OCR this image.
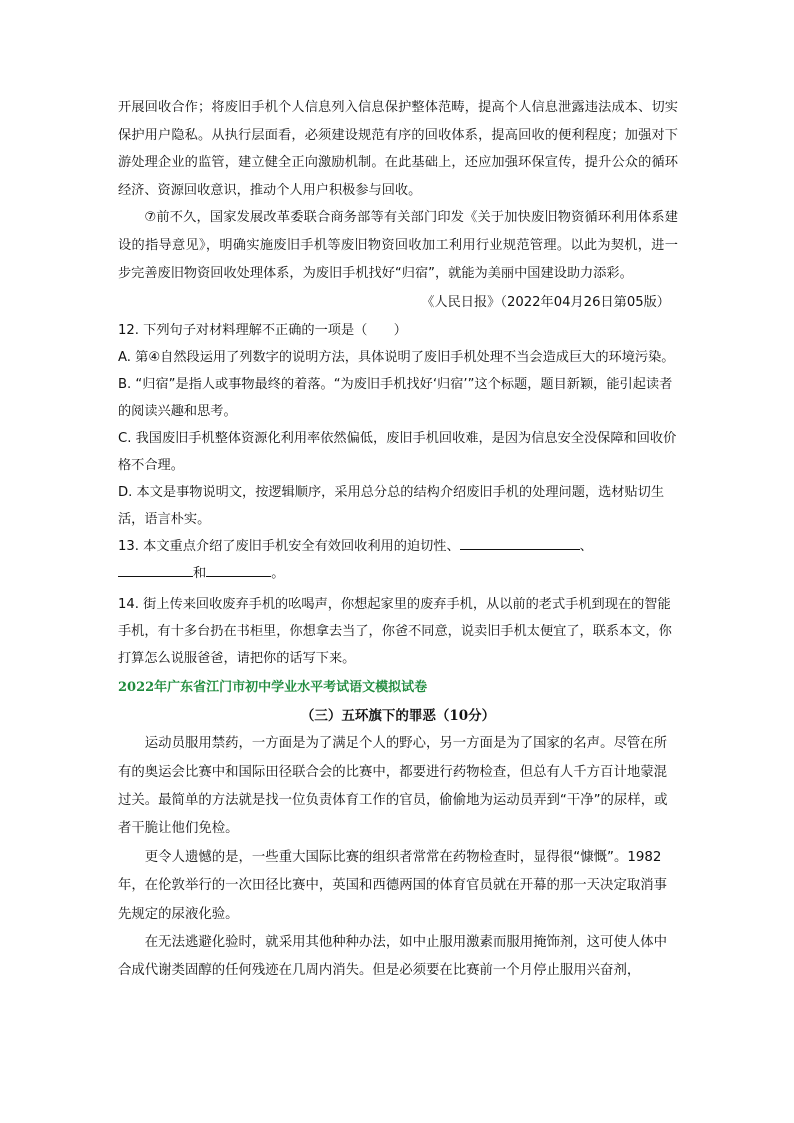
开展回收合作；将废旧手机个人信息列入信息保护整体范畴，提高个人信息泄露违法成本、切实保护用户隐私。从执行层面看，必须建设规范有序的回收体系，提高回收的便利程度；加强对下游处理企业的监管，建立健全正向激励机制。在此基础上，还应加强环保宣传，提升公众的循环经济、资源回收意识，推动个人用户积极参与回收。

⑦前不久，国家发展改革委联合商务部等有关部门印发《关于加快废旧物资循环利用体系建设的指导意见》，明确实施废旧手机等废旧物资回收加工利用行业规范管理。以此为契机，进一步完善废旧物资回收处理体系，为废旧手机找好“归宿”，就能为美丽中国建设助力添彩。

《人民日报》（2022年04月26日第05版）

12. 下列句子对材料理解不正确的一项是（　　）

A. 第④自然段运用了列数字的说明方法，具体说明了废旧手机处理不当会造成巨大的环境污染。

B. “归宿”是指人或事物最终的着落。“为废旧手机找好‘归宿’”这个标题，题目新颖，能引起读者的阅读兴趣和思考。

C. 我国废旧手机整体资源化利用率依然偏低，废旧手机回收难，是因为信息安全没保障和回收价格不合理。

D. 本文是事物说明文，按逻辑顺序，采用总分总的结构介绍废旧手机的处理问题，选材贴切生活，语言朴实。

13. 本文重点介绍了废旧手机安全有效回收利用的迫切性、	、
和	。

14. 街上传来回收废弃手机的吆喝声，你想起家里的废弃手机，从以前的老式手机到现在的智能手机，有十多台扔在书柜里，你想拿去当了，你爸不同意，说卖旧手机太便宜了，联系本文，你打算怎么说服爸爸，请把你的话写下来。

2022年广东省江门市初中学业水平考试语文模拟试卷

（三）五环旗下的罪恶（10分）

运动员服用禁药，一方面是为了满足个人的野心，另一方面是为了国家的名声。尽管在所有的奥运会比赛中和国际田径联合会的比赛中，都要进行药物检查，但总有人千方百计地蒙混过关。最简单的方法就是找一位负责体育工作的官员，偷偷地为运动员弄到“干净”的尿样，或者干脆让他们免检。

更令人遗憾的是，一些重大国际比赛的组织者常常在药物检查时，显得很“慷慨”。1982年，在伦敦举行的一次田径比赛中，英国和西德两国的体育官员就在开幕的那一天决定取消事先规定的尿液化验。

在无法逃避化验时，就采用其他种种办法，如中止服用激素而服用掩饰剂，这可使人体中合成代谢类固醇的任何残迹在几周内消失。但是必须要在比赛前一个月停止服用兴奋剂，
